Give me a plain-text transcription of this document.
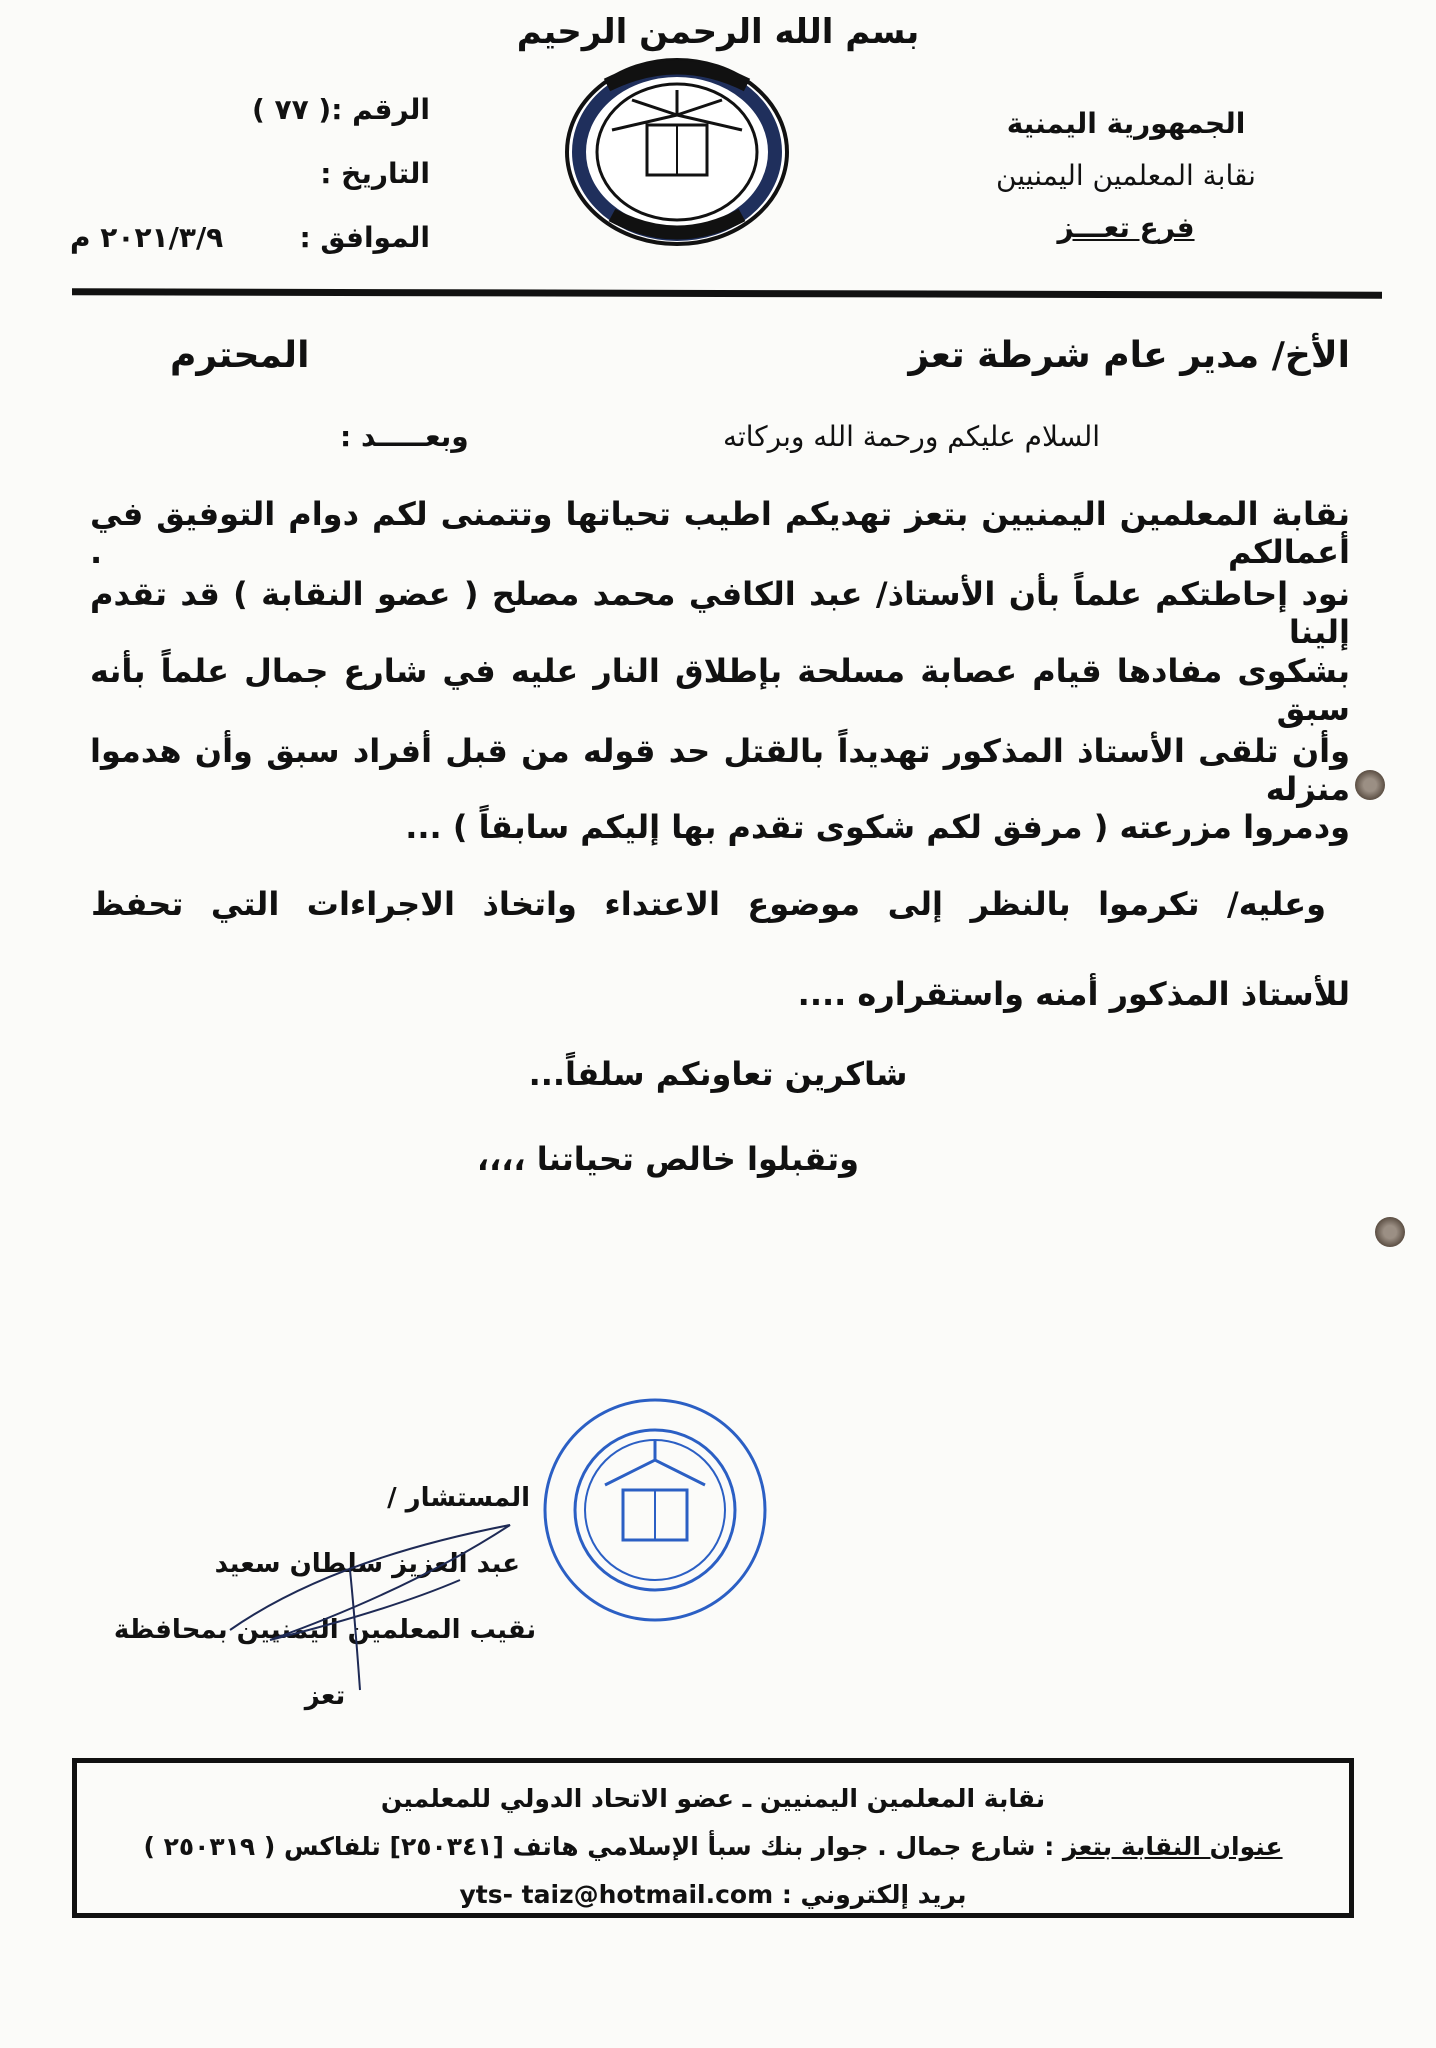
بسم الله الرحمن الرحيم
الجمهورية اليمنية
نقابة المعلمين اليمنيين
فرع تعـــز
الرقم :
( ٧٧ )
التاريخ :
الموافق :
٢٠٢١/٣/٩ م
الأخ/ مدير عام شرطة تعز
المحترم
السلام عليكم ورحمة الله وبركاته
وبعـــــد :
نقابة المعلمين اليمنيين بتعز تهديكم اطيب تحياتها وتتمنى لكم دوام التوفيق في أعمالكم .
نود إحاطتكم علماً بأن الأستاذ/ عبد الكافي محمد مصلح ( عضو النقابة ) قد تقدم إلينا
بشكوى مفادها قيام عصابة مسلحة بإطلاق النار عليه في شارع جمال علماً بأنه سبق
وأن تلقى الأستاذ المذكور تهديداً بالقتل حد قوله من قبل أفراد سبق وأن هدموا منزله
ودمروا مزرعته ( مرفق لكم شكوى تقدم بها إليكم سابقاً ) ...
وعليه/ تكرموا بالنظر إلى موضوع الاعتداء واتخاذ الاجراءات التي تحفظ
للأستاذ المذكور أمنه واستقراره ....
شاكرين تعاونكم سلفاً...
وتقبلوا خالص تحياتنا ،،،،
المستشار /
عبد العزيز سلطان سعيد
نقيب المعلمين اليمنيين بمحافظة تعز
نقابة المعلمين اليمنيين ـ عضو الاتحاد الدولي للمعلمين
عنوان النقابة بتعز : شارع جمال . جوار بنك سبأ الإسلامي هاتف [٢٥٠٣٤١] تلفاكس ( ٢٥٠٣١٩ )
بريد إلكتروني : yts- taiz@hotmail.com
